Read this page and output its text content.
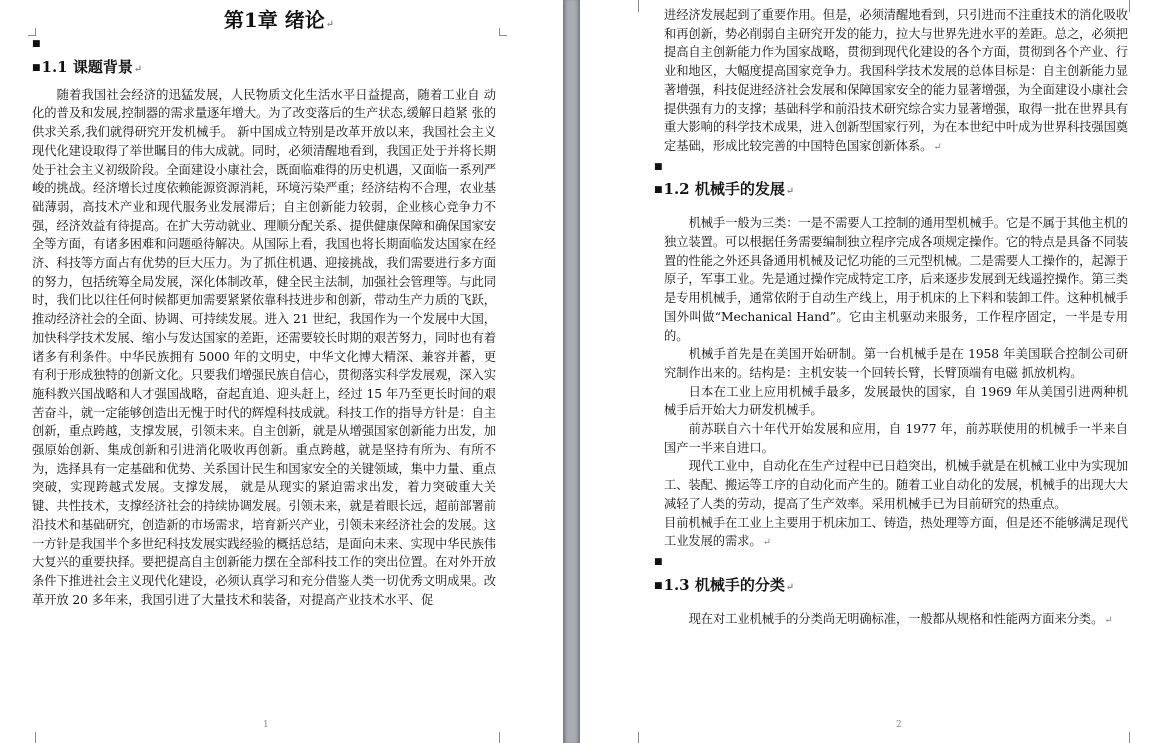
第1章 绪论↵
■
■1.1 课题背景↵

随着我国社会经济的迅猛发展，人民物质文化生活水平日益提高，随着工业自 动化的普及和发展,控制器的需求量逐年增大。为了改变落后的生产状态,缓解日趋紧 张的供求关系,我们就得研究开发机械手。 新中国成立特别是改革开放以来，我国社会主义现代化建设取得了举世瞩目的伟大成就。同时，必须清醒地看到，我国正处于并将长期处于社会主义初级阶段。全面建设小康社会，既面临难得的历史机遇，又面临一系列严峻的挑战。经济增长过度依赖能源资源消耗，环境污染严重；经济结构不合理，农业基础薄弱，高技术产业和现代服务业发展滞后；自主创新能力较弱，企业核心竞争力不强，经济效益有待提高。在扩大劳动就业、理顺分配关系、提供健康保障和确保国家安全等方面，有诸多困难和问题亟待解决。从国际上看，我国也将长期面临发达国家在经济、科技等方面占有优势的巨大压力。为了抓住机遇、迎接挑战，我们需要进行多方面的努力，包括统筹全局发展，深化体制改革，健全民主法制，加强社会管理等。与此同时，我们比以往任何时候都更加需要紧紧依靠科技进步和创新，带动生产力质的飞跃，推动经济社会的全面、协调、可持续发展。进入 21 世纪，我国作为一个发展中大国，加快科学技术发展、缩小与发达国家的差距，还需要较长时期的艰苦努力，同时也有着诸多有利条件。中华民族拥有 5000 年的文明史，中华文化博大精深、兼容并蓄，更有利于形成独特的创新文化。只要我们增强民族自信心，贯彻落实科学发展观，深入实施科教兴国战略和人才强国战略，奋起直追、迎头赶上，经过 15 年乃至更长时间的艰苦奋斗，就一定能够创造出无愧于时代的辉煌科技成就。科技工作的指导方针是：自主创新，重点跨越，支撑发展，引领未来。自主创新，就是从增强国家创新能力出发，加强原始创新、集成创新和引进消化吸收再创新。重点跨越，就是坚持有所为、有所不为，选择具有一定基础和优势、关系国计民生和国家安全的关键领域，集中力量、重点突破，实现跨越式发展。支撑发展， 就是从现实的紧迫需求出发，着力突破重大关键、共性技术，支撑经济社会的持续协调发展。引领未来，就是着眼长远，超前部署前沿技术和基础研究，创造新的市场需求，培育新兴产业，引领未来经济社会的发展。这一方针是我国半个多世纪科技发展实践经验的概括总结，是面向未来、实现中华民族伟大复兴的重要抉择。要把提高自主创新能力摆在全部科技工作的突出位置。在对外开放条件下推进社会主义现代化建设，必须认真学习和充分借鉴人类一切优秀文明成果。改革开放 20 多年来，我国引进了大量技术和装备，对提高产业技术水平、促

1

进经济发展起到了重要作用。但是，必须清醒地看到，只引进而不注重技术的消化吸收和再创新，势必削弱自主研究开发的能力，拉大与世界先进水平的差距。总之，必须把提高自主创新能力作为国家战略，贯彻到现代化建设的各个方面，贯彻到各个产业、行业和地区，大幅度提高国家竞争力。我国科学技术发展的总体目标是：自主创新能力显著增强，科技促进经济社会发展和保障国家安全的能力显著增强，为全面建设小康社会提供强有力的支撑；基础科学和前沿技术研究综合实力显著增强，取得一批在世界具有重大影响的科学技术成果，进入创新型国家行列，为在本世纪中叶成为世界科技强国奠定基础，形成比较完善的中国特色国家创新体系。↵

■
■1.2 机械手的发展↵

机械手一般为三类：一是不需要人工控制的通用型机械手。它是不属于其他主机的独立装置。可以根据任务需要编制独立程序完成各项规定操作。它的特点是具备不同装置的性能之外还具备通用机械及记忆功能的三元型机械。二是需要人工操作的，起源于原子，军事工业。先是通过操作完成特定工序，后来逐步发展到无线遥控操作。第三类是专用机械手，通常依附于自动生产线上，用于机床的上下料和装卸工件。这种机械手国外叫做“Mechanical Hand”。它由主机驱动来服务，工作程序固定，一半是专用的。

机械手首先是在美国开始研制。第一台机械手是在 1958 年美国联合控制公司研究制作出来的。结构是：主机安装一个回转长臂，长臂顶端有电磁 抓放机构。

日本在工业上应用机械手最多，发展最快的国家，自 1969 年从美国引进两种机械手后开始大力研发机械手。

前苏联自六十年代开始发展和应用，自 1977 年，前苏联使用的机械手一半来自国产一半来自进口。

现代工业中，自动化在生产过程中已日趋突出，机械手就是在机械工业中为实现加工、装配、搬运等工序的自动化而产生的。随着工业自动化的发展，机械手的出现大大减轻了人类的劳动，提高了生产效率。采用机械手已为目前研究的热重点。

目前机械手在工业上主要用于机床加工、铸造，热处理等方面，但是还不能够满足现代工业发展的需求。↵

■
■1.3 机械手的分类↵

现在对工业机械手的分类尚无明确标准，一般都从规格和性能两方面来分类。↵

2
